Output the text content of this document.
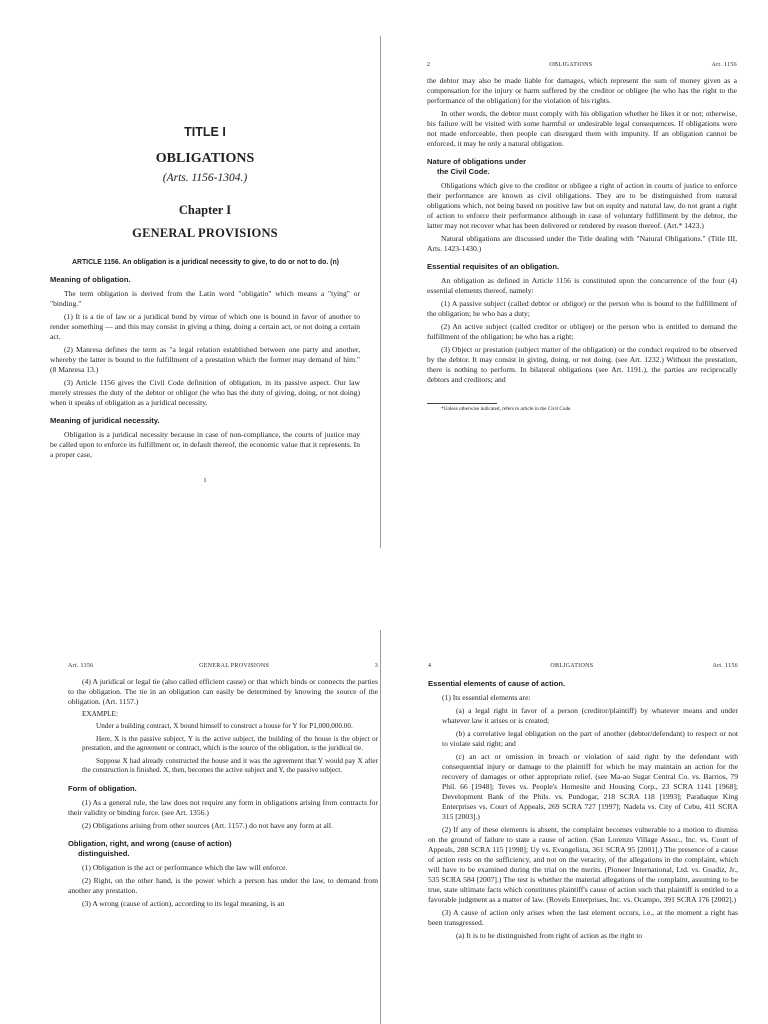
TITLE I
OBLIGATIONS
(Arts. 1156-1304.)
Chapter I
GENERAL PROVISIONS
ARTICLE 1156. An obligation is a juridical necessity to give, to do or not to do. (n)
Meaning of obligation.

The term obligation is derived from the Latin word "obligatio" which means a "tying" or "binding."

(1) It is a tie of law or a juridical bond by virtue of which one is bound in favor of another to render something — and this may consist in giving a thing, doing a certain act, or not doing a certain act.

(2) Manresa defines the term as "a legal relation established between one party and another, whereby the latter is bound to the fulfillment of a prestation which the former may demand of him." (8 Manresa 13.)

(3) Article 1156 gives the Civil Code definition of obligation, in its passive aspect. Our law merely stresses the duty of the debtor or obligor (he who has the duty of giving, doing, or not doing) when it speaks of obligation as a juridical necessity.

Meaning of juridical necessity.

Obligation is a juridical necessity because in case of non-compliance, the courts of justice may be called upon to enforce its fulfillment or, in default thereof, the economic value that it represents. In a proper case,

1
2	OBLIGATIONS	Art. 1156

the debtor may also be made liable for damages, which represent the sum of money given as a compensation for the injury or harm suffered by the creditor or obligee (he who has the right to the performance of the obligation) for the violation of his rights.

In other words, the debtor must comply with his obligation whether he likes it or not; otherwise, his failure will be visited with some harmful or undesirable legal consequences. If obligations were not made enforceable, then people can disregard them with impunity. If an obligation cannot be enforced, it may be only a natural obligation.

Nature of obligations under
the Civil Code.

Obligations which give to the creditor or obligee a right of action in courts of justice to enforce their performance are known as civil obligations. They are to be distinguished from natural obligations which, not being based on positive law but on equity and natural law, do not grant a right of action to enforce their performance although in case of voluntary fulfillment by the debtor, the latter may not recover what has been delivered or rendered by reason thereof. (Art.* 1423.)

Natural obligations are discussed under the Title dealing with "Natural Obligations." (Title III, Arts. 1423-1430.)

Essential requisites of an obligation.

An obligation as defined in Article 1156 is constituted upon the concurrence of the four (4) essential elements thereof, namely:

(1) A passive subject (called debtor or obligor) or the person who is bound to the fulfillment of the obligation; he who has a duty;

(2) An active subject (called creditor or obligee) or the person who is entitled to demand the fulfillment of the obligation; he who has a right;

(3) Object or prestation (subject matter of the obligation) or the conduct required to be observed by the debtor. It may consist in giving, doing, or not doing. (see Art. 1232.) Without the prestation, there is nothing to perform. In bilateral obligations (see Art. 1191.), the parties are reciprocally debtors and creditors; and

*Unless otherwise indicated, refers to article in the Civil Code.
Art. 1156	GENERAL PROVISIONS	3

(4) A juridical or legal tie (also called efficient cause) or that which binds or connects the parties to the obligation. The tie in an obligation can easily be determined by knowing the source of the obligation. (Art. 1157.)

EXAMPLE:

Under a building contract, X bound himself to construct a house for Y for P1,000,000.00.

Here, X is the passive subject, Y is the active subject, the building of the house is the object or prestation, and the agreement or contract, which is the source of the obligation, is the juridical tie.

Suppose X had already constructed the house and it was the agreement that Y would pay X after the construction is finished. X, then, becomes the active subject and Y, the passive subject.

Form of obligation.

(1) As a general rule, the law does not require any form in obligations arising from contracts for their validity or binding force. (see Art. 1356.)

(2) Obligations arising from other sources (Art. 1157.) do not have any form at all.

Obligation, right, and wrong (cause of action)
distinguished.

(1) Obligation is the act or performance which the law will enforce.

(2) Right, on the other hand, is the power which a person has under the law, to demand from another any prestation.

(3) A wrong (cause of action), according to its legal meaning, is an

4	OBLIGATIONS	Art. 1156
Essential elements of cause of action.

(1) Its essential elements are:

(a) a legal right in favor of a person (creditor/plaintiff) by whatever means and under whatever law it arises or is created;

(b) a correlative legal obligation on the part of another (debtor/defendant) to respect or not to violate said right; and

(c) an act or omission in breach or violation of said right by the defendant with consequential injury or damage to the plaintiff for which he may maintain an action for the recovery of damages or other appropriate relief. (see Ma-ao Sugar Central Co. vs. Barrios, 79 Phil. 66 [1948]; Teves vs. People's Homesite and Housing Corp., 23 SCRA 1141 [1968]; Development Bank of the Phils. vs. Pundogar, 218 SCRA 118 [1993]; Parañaque King Enterprises vs. Court of Appeals, 269 SCRA 727 [1997]; Nadela vs. City of Cebu, 411 SCRA 315 [2003].)

(2) If any of these elements is absent, the complaint becomes vulnerable to a motion to dismiss on the ground of failure to state a cause of action. (San Lorenzo Village Assoc., Inc. vs. Court of Appeals, 288 SCRA 115 [1998]; Uy vs. Evangelista, 361 SCRA 95 [2001].) The presence of a cause of action rests on the sufficiency, and not on the veracity, of the allegations in the complaint, which will have to be examined during the trial on the merits. (Pioneer International, Ltd. vs. Guadiz, Jr., 535 SCRA 584 [2007].) The test is whether the material allegations of the complaint, assuming to be true, state ultimate facts which constitutes plaintiff's cause of action such that plaintiff is entitled to a favorable judgment as a matter of law. (Rovels Enterprises, Inc. vs. Ocampo, 391 SCRA 176 [2002].)

(3) A cause of action only arises when the last element occurs, i.e., at the moment a right has been transgressed.

(a) It is to be distinguished from right of action as the right to
